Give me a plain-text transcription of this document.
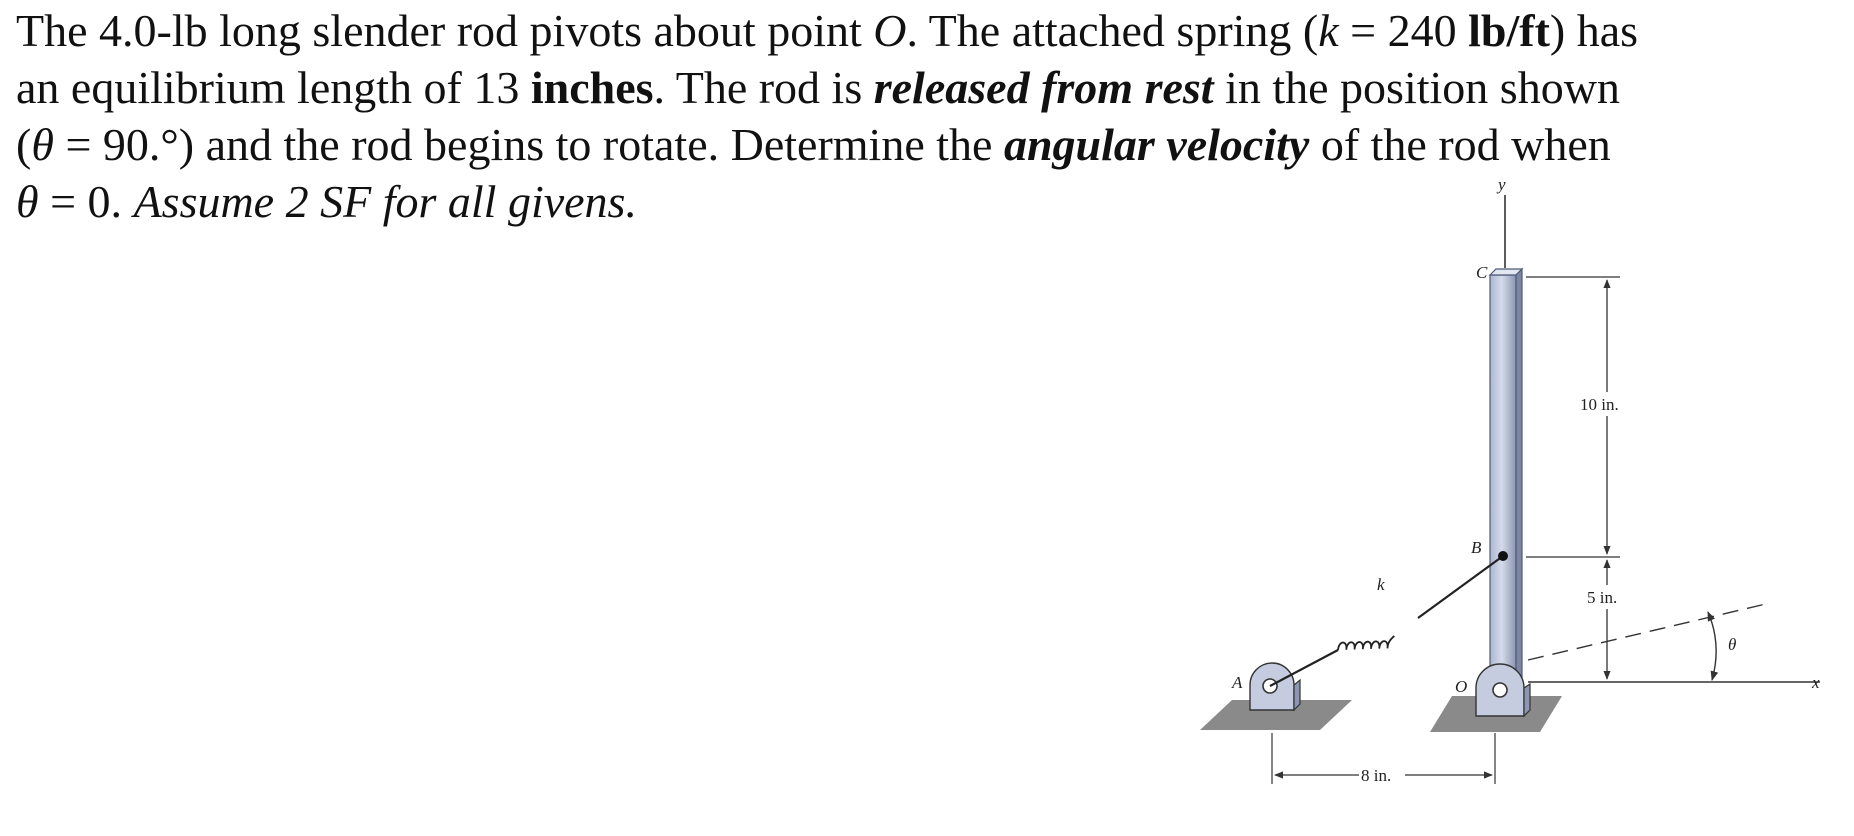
The 4.0-lb long slender rod pivots about point O. The attached spring (k = 240 lb/ft) has
an equilibrium length of 13 inches. The rod is released from rest in the position shown
(θ = 90.°) and the rod begins to rotate. Determine the angular velocity of the rod when
θ = 0. Assume 2 SF for all givens.	y
x
θ
O
A
B
k
C
10 in.
5 in.
8 in.
